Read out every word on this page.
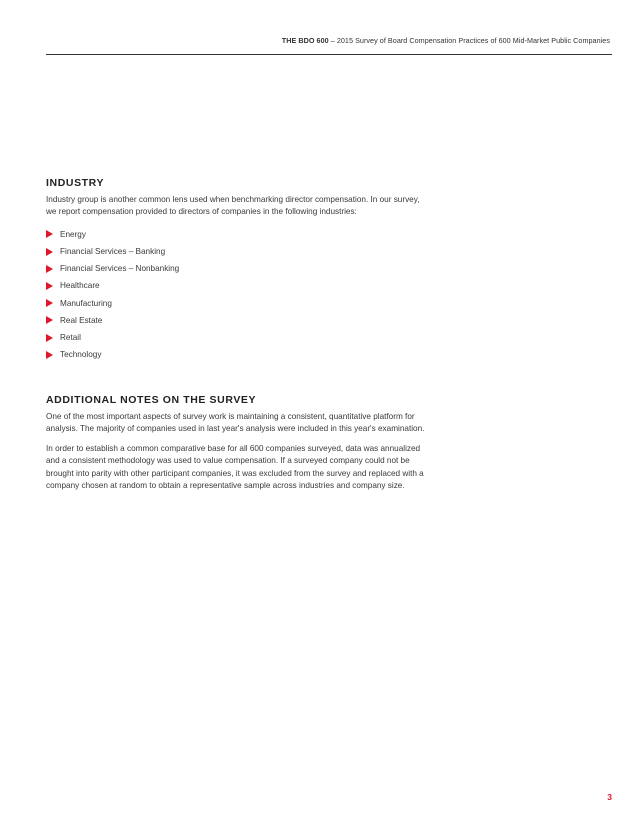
THE BDO 600 – 2015 Survey of Board Compensation Practices of 600 Mid-Market Public Companies
INDUSTRY

Industry group is another common lens used when benchmarking director compensation. In our survey, we report compensation provided to directors of companies in the following industries:

Energy
Financial Services – Banking
Financial Services – Nonbanking
Healthcare
Manufacturing
Real Estate
Retail
Technology
ADDITIONAL NOTES ON THE SURVEY

One of the most important aspects of survey work is maintaining a consistent, quantitative platform for analysis. The majority of companies used in last year's analysis were included in this year's examination.

In order to establish a common comparative base for all 600 companies surveyed, data was annualized and a consistent methodology was used to value compensation. If a surveyed company could not be brought into parity with other participant companies, it was excluded from the survey and replaced with a company chosen at random to obtain a representative sample across industries and company size.

3
